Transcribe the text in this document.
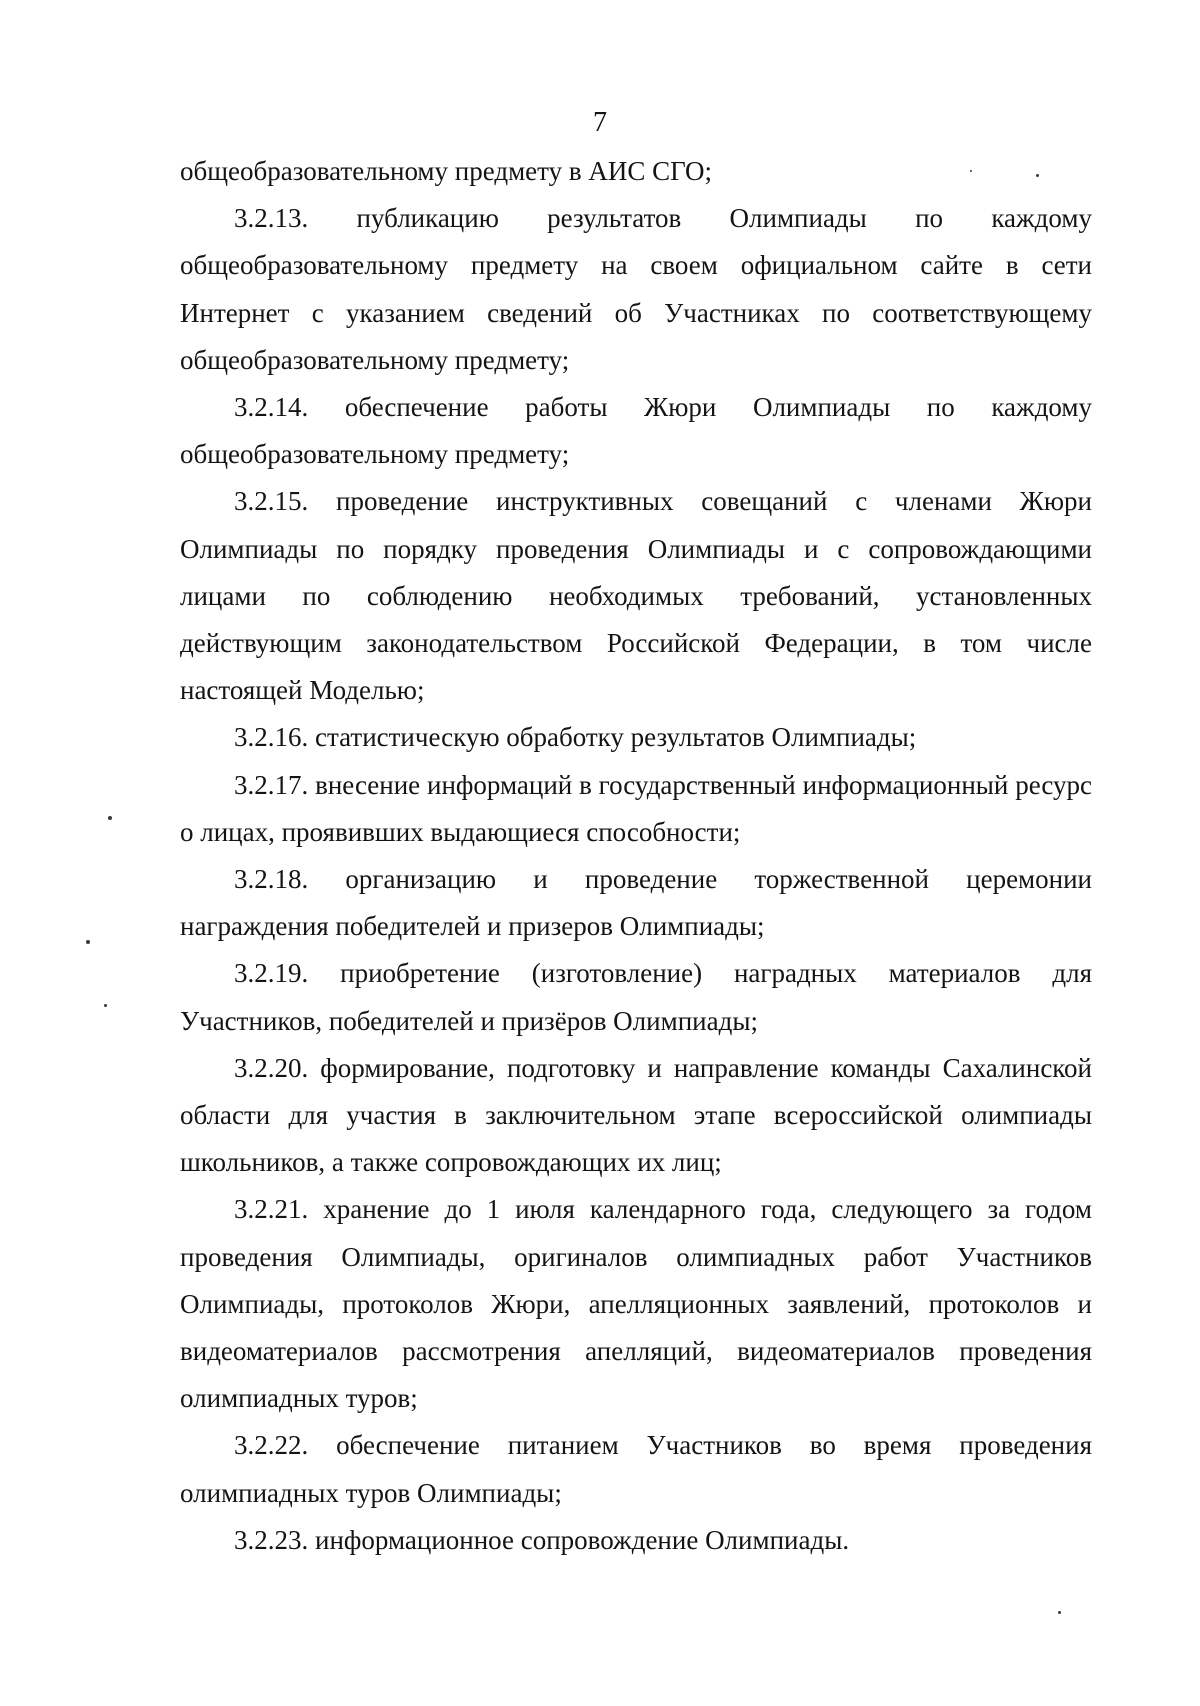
7

общеобразовательному предмету в АИС СГО;

3.2.13. публикацию результатов Олимпиады по каждому общеобразовательному предмету на своем официальном сайте в сети Интернет с указанием сведений об Участниках по соответствующему общеобразовательному предмету;

3.2.14. обеспечение работы Жюри Олимпиады по каждому общеобразовательному предмету;

3.2.15. проведение инструктивных совещаний с членами Жюри Олимпиады по порядку проведения Олимпиады и с сопровождающими лицами по соблюдению необходимых требований, установленных действующим законодательством Российской Федерации, в том числе настоящей Моделью;

3.2.16. статистическую обработку результатов Олимпиады;

3.2.17. внесение информаций в государственный информационный ресурс о лицах, проявивших выдающиеся способности;

3.2.18. организацию и проведение торжественной церемонии награждения победителей и призеров Олимпиады;

3.2.19. приобретение (изготовление) наградных материалов для Участников, победителей и призёров Олимпиады;

3.2.20. формирование, подготовку и направление команды Сахалинской области для участия в заключительном этапе всероссийской олимпиады школьников, а также сопровождающих их лиц;

3.2.21. хранение до 1 июля календарного года, следующего за годом проведения Олимпиады, оригиналов олимпиадных работ Участников Олимпиады, протоколов Жюри, апелляционных заявлений, протоколов и видеоматериалов рассмотрения апелляций, видеоматериалов проведения олимпиадных туров;

3.2.22. обеспечение питанием Участников во время проведения олимпиадных туров Олимпиады;

3.2.23. информационное сопровождение Олимпиады.
